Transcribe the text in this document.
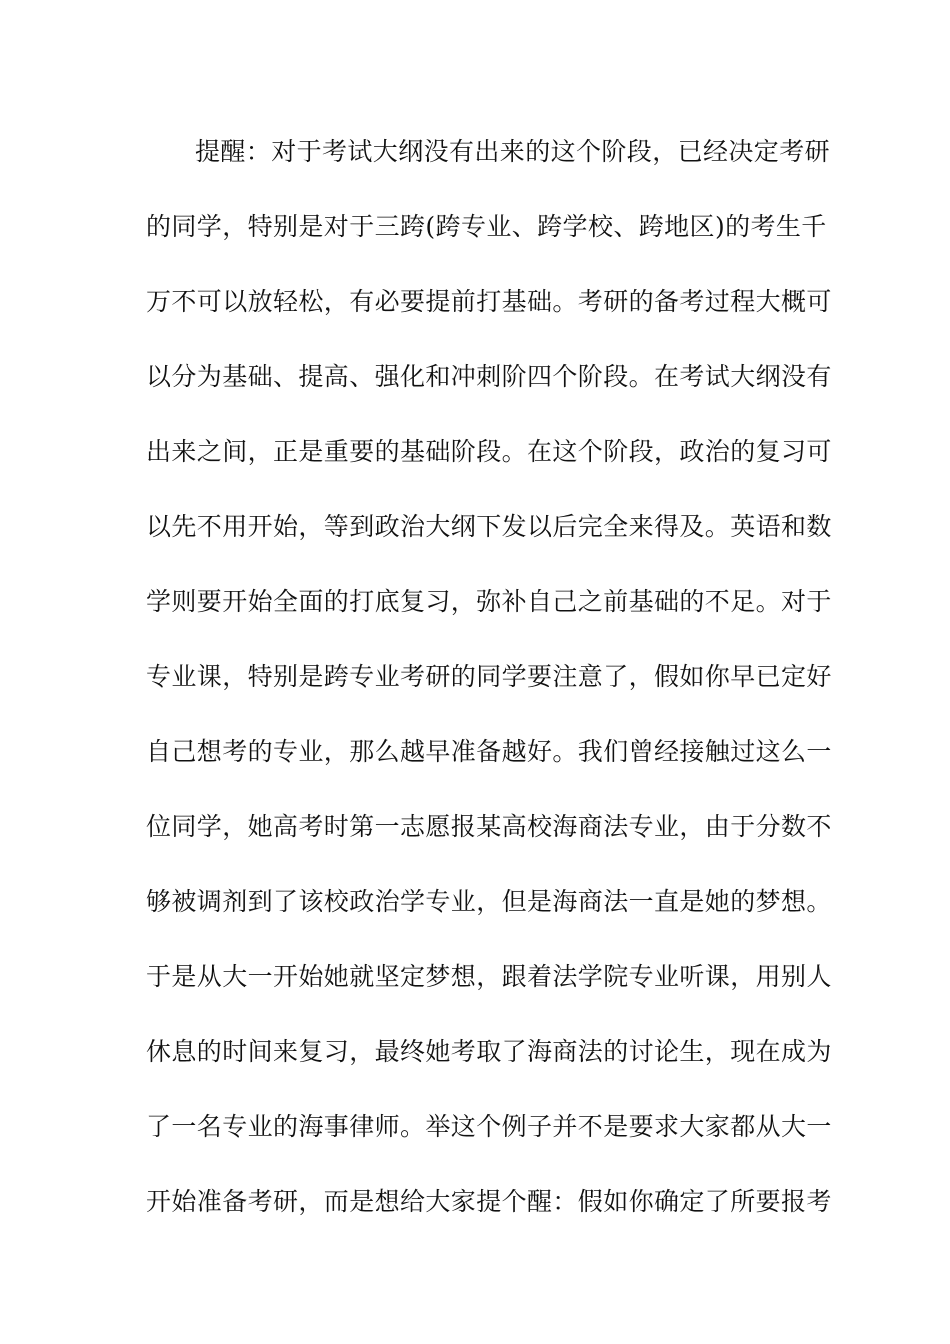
提醒：对于考试大纲没有出来的这个阶段，已经决定考研
的同学，特别是对于三跨(跨专业、跨学校、跨地区)的考生千
万不可以放轻松，有必要提前打基础。考研的备考过程大概可
以分为基础、提高、强化和冲刺阶四个阶段。在考试大纲没有
出来之间，正是重要的基础阶段。在这个阶段，政治的复习可
以先不用开始，等到政治大纲下发以后完全来得及。英语和数
学则要开始全面的打底复习，弥补自己之前基础的不足。对于
专业课，特别是跨专业考研的同学要注意了，假如你早已定好
自己想考的专业，那么越早准备越好。我们曾经接触过这么一
位同学，她高考时第一志愿报某高校海商法专业，由于分数不
够被调剂到了该校政治学专业，但是海商法一直是她的梦想。
于是从大一开始她就坚定梦想，跟着法学院专业听课，用别人
休息的时间来复习，最终她考取了海商法的讨论生，现在成为
了一名专业的海事律师。举这个例子并不是要求大家都从大一
开始准备考研，而是想给大家提个醒：假如你确定了所要报考
